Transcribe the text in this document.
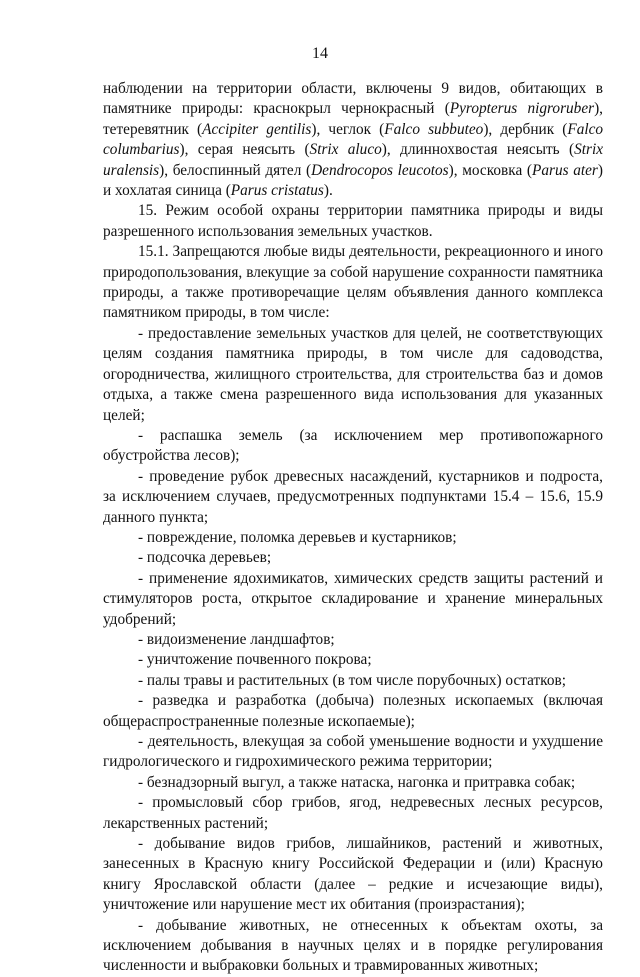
14

наблюдении на территории области, включены 9 видов, обитающих в памятнике природы: краснокрыл чернокрасный (Pyropterus nigroruber), тетеревятник (Accipiter gentilis), чеглок (Falco subbuteo), дербник (Falco columbarius), серая неясыть (Strix aluco), длиннохвостая неясыть (Strix uralensis), белоспинный дятел (Dendrocopos leucotos), московка (Parus ater) и хохлатая синица (Parus cristatus).

15. Режим особой охраны территории памятника природы и виды разрешенного использования земельных участков.

15.1. Запрещаются любые виды деятельности, рекреационного и иного природопользования, влекущие за собой нарушение сохранности памятника природы, а также противоречащие целям объявления данного комплекса памятником природы, в том числе:

- предоставление земельных участков для целей, не соответствующих целям создания памятника природы, в том числе для садоводства, огородничества, жилищного строительства, для строительства баз и домов отдыха, а также смена разрешенного вида использования для указанных целей;

- распашка земель (за исключением мер противопожарного обустройства лесов);

- проведение рубок древесных насаждений, кустарников и подроста, за исключением случаев, предусмотренных подпунктами 15.4 – 15.6, 15.9 данного пункта;

- повреждение, поломка деревьев и кустарников;

- подсочка деревьев;

- применение ядохимикатов, химических средств защиты растений и стимуляторов роста, открытое складирование и хранение минеральных удобрений;

- видоизменение ландшафтов;

- уничтожение почвенного покрова;

- палы травы и растительных (в том числе порубочных) остатков;

- разведка и разработка (добыча) полезных ископаемых (включая общераспространенные полезные ископаемые);

- деятельность, влекущая за собой уменьшение водности и ухудшение гидрологического и гидрохимического режима территории;

- безнадзорный выгул, а также натаска, нагонка и притравка собак;

- промысловый сбор грибов, ягод, недревесных лесных ресурсов, лекарственных растений;

- добывание видов грибов, лишайников, растений и животных, занесенных в Красную книгу Российской Федерации и (или) Красную книгу Ярославской области (далее – редкие и исчезающие виды), уничтожение или нарушение мест их обитания (произрастания);

- добывание животных, не отнесенных к объектам охоты, за исключением добывания в научных целях и в порядке регулирования численности и выбраковки больных и травмированных животных;
